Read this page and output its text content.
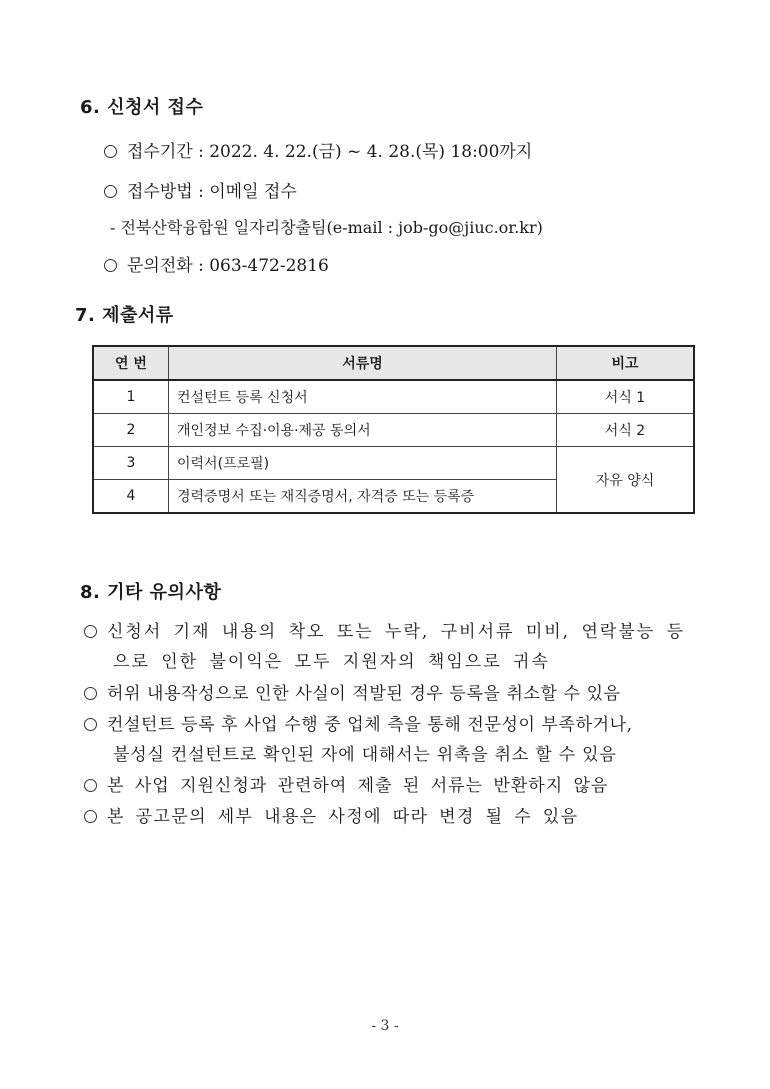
6. 신청서 접수
접수기간 : 2022. 4. 22.(금) ~ 4. 28.(목) 18:00까지
접수방법 : 이메일 접수
- 전북산학융합원 일자리창출팀(e-mail : job-go@jiuc.or.kr)
문의전화 : 063-472-2816
7. 제출서류
연 번	서류명	비고
1	컨설턴트 등록 신청서	서식 1
2	개인정보 수집·이용·제공 동의서	서식 2
3	이력서(프로필)	자유 양식
4	경력증명서 또는 재직증명서, 자격증 또는 등록증	
8. 기타 유의사항
신청서 기재 내용의 착오 또는 누락, 구비서류 미비, 연락불능 등
으로 인한 불이익은 모두 지원자의 책임으로 귀속
허위 내용작성으로 인한 사실이 적발된 경우 등록을 취소할 수 있음
컨설턴트 등록 후 사업 수행 중 업체 측을 통해 전문성이 부족하거나,
불성실 컨설턴트로 확인된 자에 대해서는 위촉을 취소 할 수 있음
본 사업 지원신청과 관련하여 제출 된 서류는 반환하지 않음
본 공고문의 세부 내용은 사정에 따라 변경 될 수 있음
- 3 -
